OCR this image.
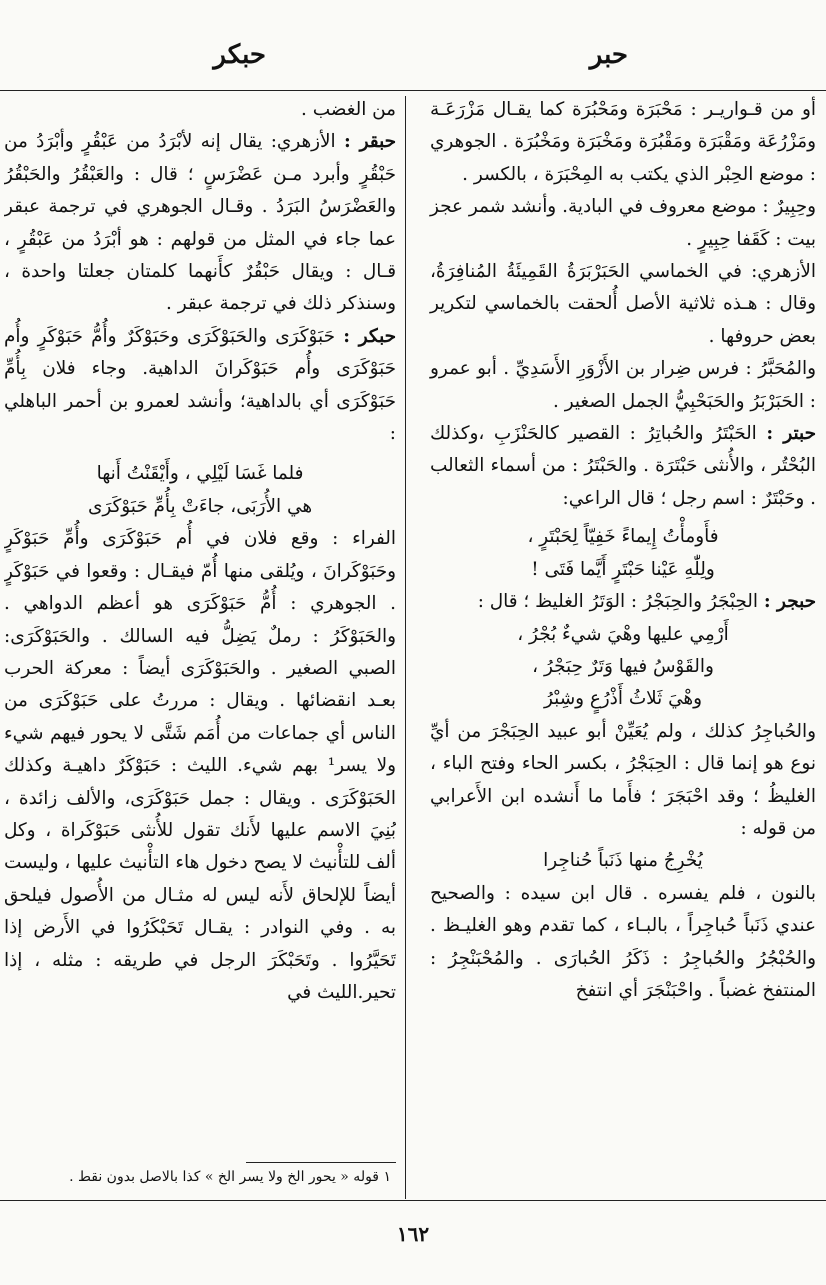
حبر
حبكر

أو من قـواريـر : مَحْبَرَة ومَحْبُرَة كما يقـال مَزْرَعَـة ومَزْرُعَة ومَقْبَرَة ومَقْبُرَة ومَخْبَرَة ومَخْبُرَة . الجوهري : موضع الحِبْر الذي يكتب به المِحْبَرَة ، بالكسر .

وحِبِيرٌ : موضع معروف في البادية. وأنشد شمر عجز بيت : كَقَفا حِبِيرٍ .

الأزهري: في الخماسي الحَبَرْبَرَةُ القَمِيئَةُ المُنافِرَةُ، وقال : هـذه ثلاثية الأصل أُلحقت بالخماسي لتكرير بعض حروفها .

والمُحَبَّرُ : فرس ضِرار بن الأَزْوَرِ الأَسَدِيِّ . أبو عمرو : الحَبَرْبَرُ والحَبَحْبِيُّ الجمل الصغير .

حبتر : الحَبْتَرُ والحُباتِرُ : القصير كالحَنْزَبِ ،وكذلك البُحْتُر ، والأُنثى حَبْتَرَة . والحَبْتَرُ : من أسماء الثعالب . وحَبْتَرٌ : اسم رجل ؛ قال الراعي:
فأَومأْتُ إِيماءً خَفِيّاً لِحَبْتَرٍ ،
ولِلّٰهِ عَيْنا حَبْتَرٍ أَيَّما فَتَى !
حبجر : الحِبْجَرُ والحِبَجْرُ : الوَتَرُ الغليظ ؛ قال :
أَرْمِي عليها وهْيَ شيءٌ بُجْرُ ،
والقَوْسُ فيها وَتَرٌ حِبَجْرُ ،
وهْيَ ثَلاثُ أَذْرُعٍ وشِبْرُ
والحُباجِرُ كذلك ، ولم يُعَيِّنْ أبو عبيد الحِبَجْرَ من أيِّ نوع هو إنما قال : الحِبَجْرُ ، بكسر الحاء وفتح الباء ، الغليظُ ؛ وقد احْبَجَرَ ؛ فأَما ما أَنشده ابن الأَعرابي من قوله :
يُخْرِجُ منها ذَنَباً حُناجِرا

بالنون ، فلم يفسره . قال ابن سيده : والصحيح عندي ذَنَباً حُباجِراً ، بالبـاء ، كما تقدم وهو الغليـظ . والحُبْجُرُ والحُباجِرُ : ذَكَرُ الحُبارَى . والمُحْبَنْجِرُ : المنتفخ غضباً . واحْبَنْجَرَ أي انتفخ

من الغضب .

حبقر : الأزهري: يقال إنه لأبْرَدُ من عَبْقُرٍ وأبْرَدُ من حَبْقُرٍ وأبرد مـن عَضْرَسٍ ؛ قال : والعَبْقُرُ والحَبْقُرُ والعَضْرَسُ البَرَدُ . وقـال الجوهري في ترجمة عبقر عما جاء في المثل من قولهم : هو أبْرَدُ من عَبْقُرٍ ، قـال : ويقال حَبْقُرٌ كأَنهما كلمتان جعلتا واحدة ، وسنذكر ذلك في ترجمة عبقر .

حبكر : حَبَوْكَرَى والحَبَوْكَرَى وحَبَوْكَرٌ وأُمُّ حَبَوْكَرٍ وأُم حَبَوْكَرَى وأُم حَبَوْكَرانَ الداهية. وجاء فلان بِأُمِّ حَبَوْكَرَى أي بالداهية؛ وأنشد لعمرو بن أحمر الباهلي :
فلما غَسَا لَيْلِي ، وأَيْقَنْتُ أَنها
هي الأُرَبَى، جاءَتْ بِأُمِّ حَبَوْكَرَى

الفراء : وقع فلان في أُم حَبَوْكَرَى وأُمِّ حَبَوْكَرٍ وحَبَوْكَرانَ ، ويُلقى منها أُمّ فيقـال : وقعوا في حَبَوْكَرٍ . الجوهري : أُمُّ حَبَوْكَرَى هو أعظم الدواهي . والحَبَوْكَرُ : رملٌ يَضِلُّ فيه السالك . والحَبَوْكَرَى: الصبي الصغير . والحَبَوْكَرَى أيضاً : معركة الحرب بعـد انقضائها . ويقال : مررتُ على حَبَوْكَرَى من الناس أي جماعات من أُمَم شَتَّى لا يحور فيهم شيء ولا يسر¹ بهم شيء. الليث : حَبَوْكَرٌ داهيـة وكذلك الحَبَوْكَرَى . ويقال : جمل حَبَوْكَرَى، والألف زائدة ، بُنِيَ الاسم عليها لأَنك تقول للأُنثى حَبَوْكَراة ، وكل ألف للتأْنيث لا يصح دخول هاء التأْنيث عليها ، وليست أيضاً للإلحاق لأَنه ليس له مثـال من الأُصول فيلحق به . وفي النوادر : يقـال تَحَبْكَرُوا في الأَرض إذا تَحَيَّرُوا . وتَحَبْكَرَ الرجل في طريقه : مثله ، إذا تحير.الليث في

١ قوله « يحور الخ ولا يسر الخ » كذا بالاصل بدون نقط .
١٦٢
